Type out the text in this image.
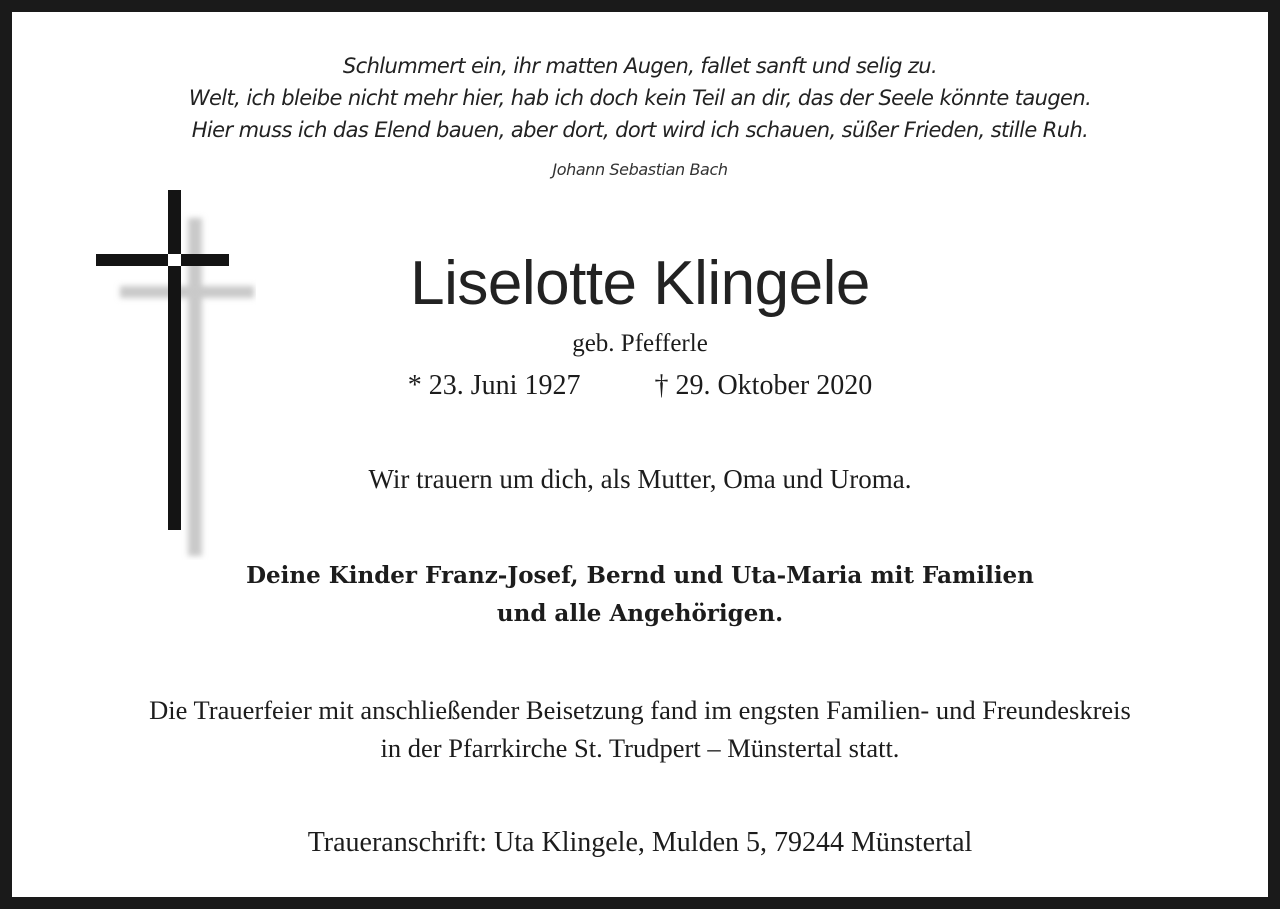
Schlummert ein, ihr matten Augen, fallet sanft und selig zu.
Welt, ich bleibe nicht mehr hier, hab ich doch kein Teil an dir, das der Seele könnte taugen.
Hier muss ich das Elend bauen, aber dort, dort wird ich schauen, süßer Frieden, stille Ruh.
Johann Sebastian Bach
Liselotte Klingele
geb. Pfefferle
* 23. Juni 1927	† 29. Oktober 2020
Wir trauern um dich, als Mutter, Oma und Uroma.
Deine Kinder Franz-Josef, Bernd und Uta-Maria mit Familien
und alle Angehörigen.
Die Trauerfeier mit anschließender Beisetzung fand im engsten Familien- und Freundeskreis
in der Pfarrkirche St. Trudpert – Münstertal statt.
Traueranschrift: Uta Klingele, Mulden 5, 79244 Münstertal
